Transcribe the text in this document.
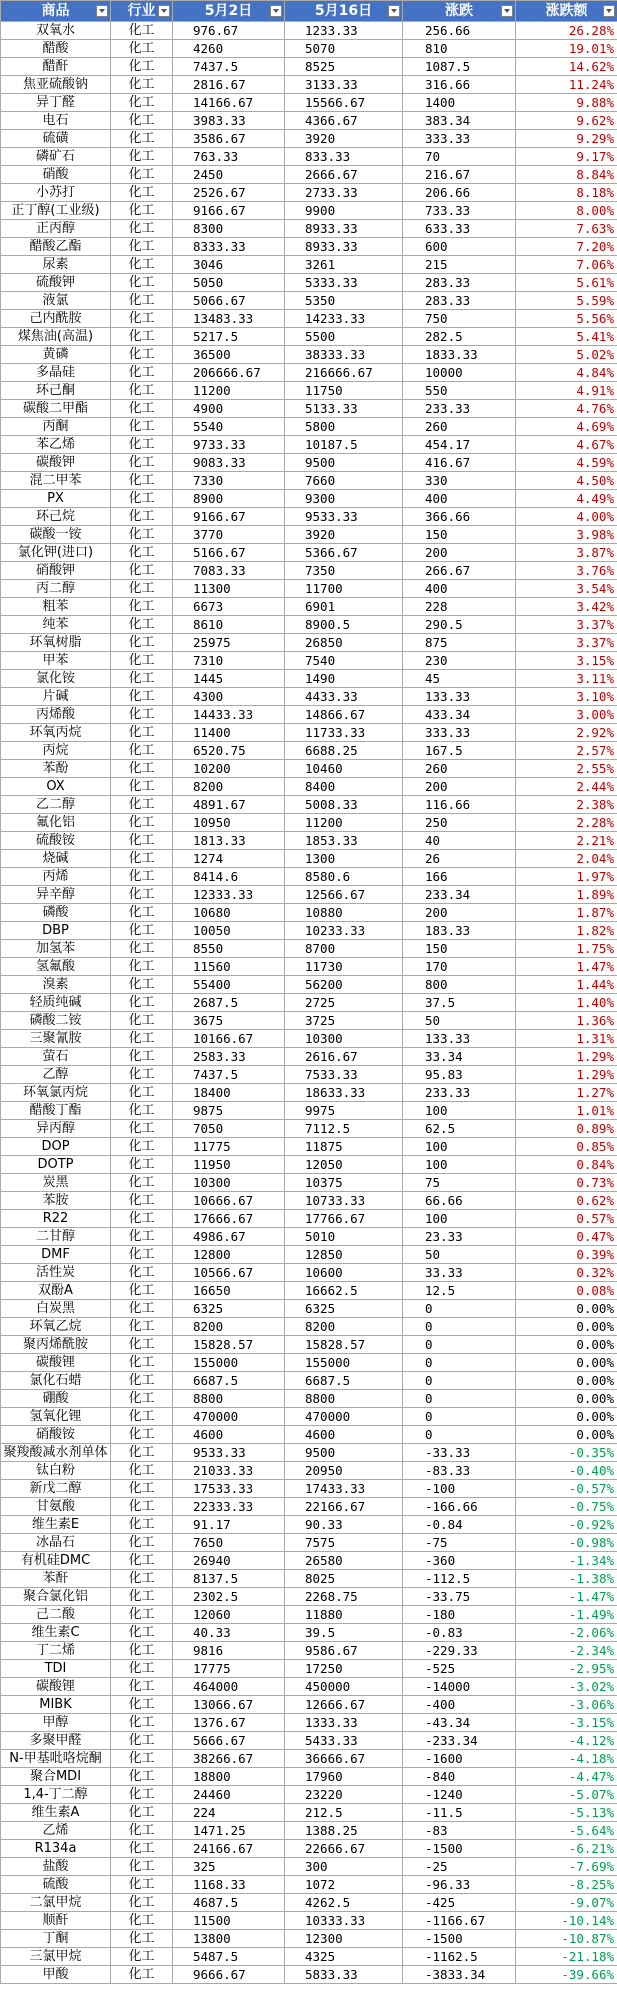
商品	行业	5月2日	5月16日	涨跌	涨跌额

双氧水	化工	976.67	1233.33	256.66	26.28%
醋酸	化工	4260	5070	810	19.01%
醋酐	化工	7437.5	8525	1087.5	14.62%
焦亚硫酸钠	化工	2816.67	3133.33	316.66	11.24%
异丁醛	化工	14166.67	15566.67	1400	9.88%
电石	化工	3983.33	4366.67	383.34	9.62%
硫磺	化工	3586.67	3920	333.33	9.29%
磷矿石	化工	763.33	833.33	70	9.17%
硝酸	化工	2450	2666.67	216.67	8.84%
小苏打	化工	2526.67	2733.33	206.66	8.18%
正丁醇(工业级)	化工	9166.67	9900	733.33	8.00%
正丙醇	化工	8300	8933.33	633.33	7.63%
醋酸乙酯	化工	8333.33	8933.33	600	7.20%
尿素	化工	3046	3261	215	7.06%
硫酸钾	化工	5050	5333.33	283.33	5.61%
液氯	化工	5066.67	5350	283.33	5.59%
己内酰胺	化工	13483.33	14233.33	750	5.56%
煤焦油(高温)	化工	5217.5	5500	282.5	5.41%
黄磷	化工	36500	38333.33	1833.33	5.02%
多晶硅	化工	206666.67	216666.67	10000	4.84%
环己酮	化工	11200	11750	550	4.91%
碳酸二甲酯	化工	4900	5133.33	233.33	4.76%
丙酮	化工	5540	5800	260	4.69%
苯乙烯	化工	9733.33	10187.5	454.17	4.67%
碳酸钾	化工	9083.33	9500	416.67	4.59%
混二甲苯	化工	7330	7660	330	4.50%
PX	化工	8900	9300	400	4.49%
环己烷	化工	9166.67	9533.33	366.66	4.00%
碳酸一铵	化工	3770	3920	150	3.98%
氯化钾(进口)	化工	5166.67	5366.67	200	3.87%
硝酸钾	化工	7083.33	7350	266.67	3.76%
丙二醇	化工	11300	11700	400	3.54%
粗苯	化工	6673	6901	228	3.42%
纯苯	化工	8610	8900.5	290.5	3.37%
环氧树脂	化工	25975	26850	875	3.37%
甲苯	化工	7310	7540	230	3.15%
氯化铵	化工	1445	1490	45	3.11%
片碱	化工	4300	4433.33	133.33	3.10%
丙烯酸	化工	14433.33	14866.67	433.34	3.00%
环氧丙烷	化工	11400	11733.33	333.33	2.92%
丙烷	化工	6520.75	6688.25	167.5	2.57%
苯酚	化工	10200	10460	260	2.55%
OX	化工	8200	8400	200	2.44%
乙二醇	化工	4891.67	5008.33	116.66	2.38%
氟化铝	化工	10950	11200	250	2.28%
硫酸铵	化工	1813.33	1853.33	40	2.21%
烧碱	化工	1274	1300	26	2.04%
丙烯	化工	8414.6	8580.6	166	1.97%
异辛醇	化工	12333.33	12566.67	233.34	1.89%
磷酸	化工	10680	10880	200	1.87%
DBP	化工	10050	10233.33	183.33	1.82%
加氢苯	化工	8550	8700	150	1.75%
氢氟酸	化工	11560	11730	170	1.47%
溴素	化工	55400	56200	800	1.44%
轻质纯碱	化工	2687.5	2725	37.5	1.40%
磷酸二铵	化工	3675	3725	50	1.36%
三聚氰胺	化工	10166.67	10300	133.33	1.31%
萤石	化工	2583.33	2616.67	33.34	1.29%
乙醇	化工	7437.5	7533.33	95.83	1.29%
环氧氯丙烷	化工	18400	18633.33	233.33	1.27%
醋酸丁酯	化工	9875	9975	100	1.01%
异丙醇	化工	7050	7112.5	62.5	0.89%
DOP	化工	11775	11875	100	0.85%
DOTP	化工	11950	12050	100	0.84%
炭黑	化工	10300	10375	75	0.73%
苯胺	化工	10666.67	10733.33	66.66	0.62%
R22	化工	17666.67	17766.67	100	0.57%
二甘醇	化工	4986.67	5010	23.33	0.47%
DMF	化工	12800	12850	50	0.39%
活性炭	化工	10566.67	10600	33.33	0.32%
双酚A	化工	16650	16662.5	12.5	0.08%
白炭黑	化工	6325	6325	0	0.00%
环氧乙烷	化工	8200	8200	0	0.00%
聚丙烯酰胺	化工	15828.57	15828.57	0	0.00%
碳酸锂	化工	155000	155000	0	0.00%
氯化石蜡	化工	6687.5	6687.5	0	0.00%
硼酸	化工	8800	8800	0	0.00%
氢氧化锂	化工	470000	470000	0	0.00%
硝酸铵	化工	4600	4600	0	0.00%
聚羧酸减水剂单体	化工	9533.33	9500	-33.33	-0.35%
钛白粉	化工	21033.33	20950	-83.33	-0.40%
新戊二醇	化工	17533.33	17433.33	-100	-0.57%
甘氨酸	化工	22333.33	22166.67	-166.66	-0.75%
维生素E	化工	91.17	90.33	-0.84	-0.92%
冰晶石	化工	7650	7575	-75	-0.98%
有机硅DMC	化工	26940	26580	-360	-1.34%
苯酐	化工	8137.5	8025	-112.5	-1.38%
聚合氯化铝	化工	2302.5	2268.75	-33.75	-1.47%
己二酸	化工	12060	11880	-180	-1.49%
维生素C	化工	40.33	39.5	-0.83	-2.06%
丁二烯	化工	9816	9586.67	-229.33	-2.34%
TDI	化工	17775	17250	-525	-2.95%
碳酸锂	化工	464000	450000	-14000	-3.02%
MIBK	化工	13066.67	12666.67	-400	-3.06%
甲醇	化工	1376.67	1333.33	-43.34	-3.15%
多聚甲醛	化工	5666.67	5433.33	-233.34	-4.12%
N-甲基吡咯烷酮	化工	38266.67	36666.67	-1600	-4.18%
聚合MDI	化工	18800	17960	-840	-4.47%
1,4-丁二醇	化工	24460	23220	-1240	-5.07%
维生素A	化工	224	212.5	-11.5	-5.13%
乙烯	化工	1471.25	1388.25	-83	-5.64%
R134a	化工	24166.67	22666.67	-1500	-6.21%
盐酸	化工	325	300	-25	-7.69%
硫酸	化工	1168.33	1072	-96.33	-8.25%
二氯甲烷	化工	4687.5	4262.5	-425	-9.07%
顺酐	化工	11500	10333.33	-1166.67	-10.14%
丁酮	化工	13800	12300	-1500	-10.87%
三氯甲烷	化工	5487.5	4325	-1162.5	-21.18%
甲酸	化工	9666.67	5833.33	-3833.34	-39.66%
